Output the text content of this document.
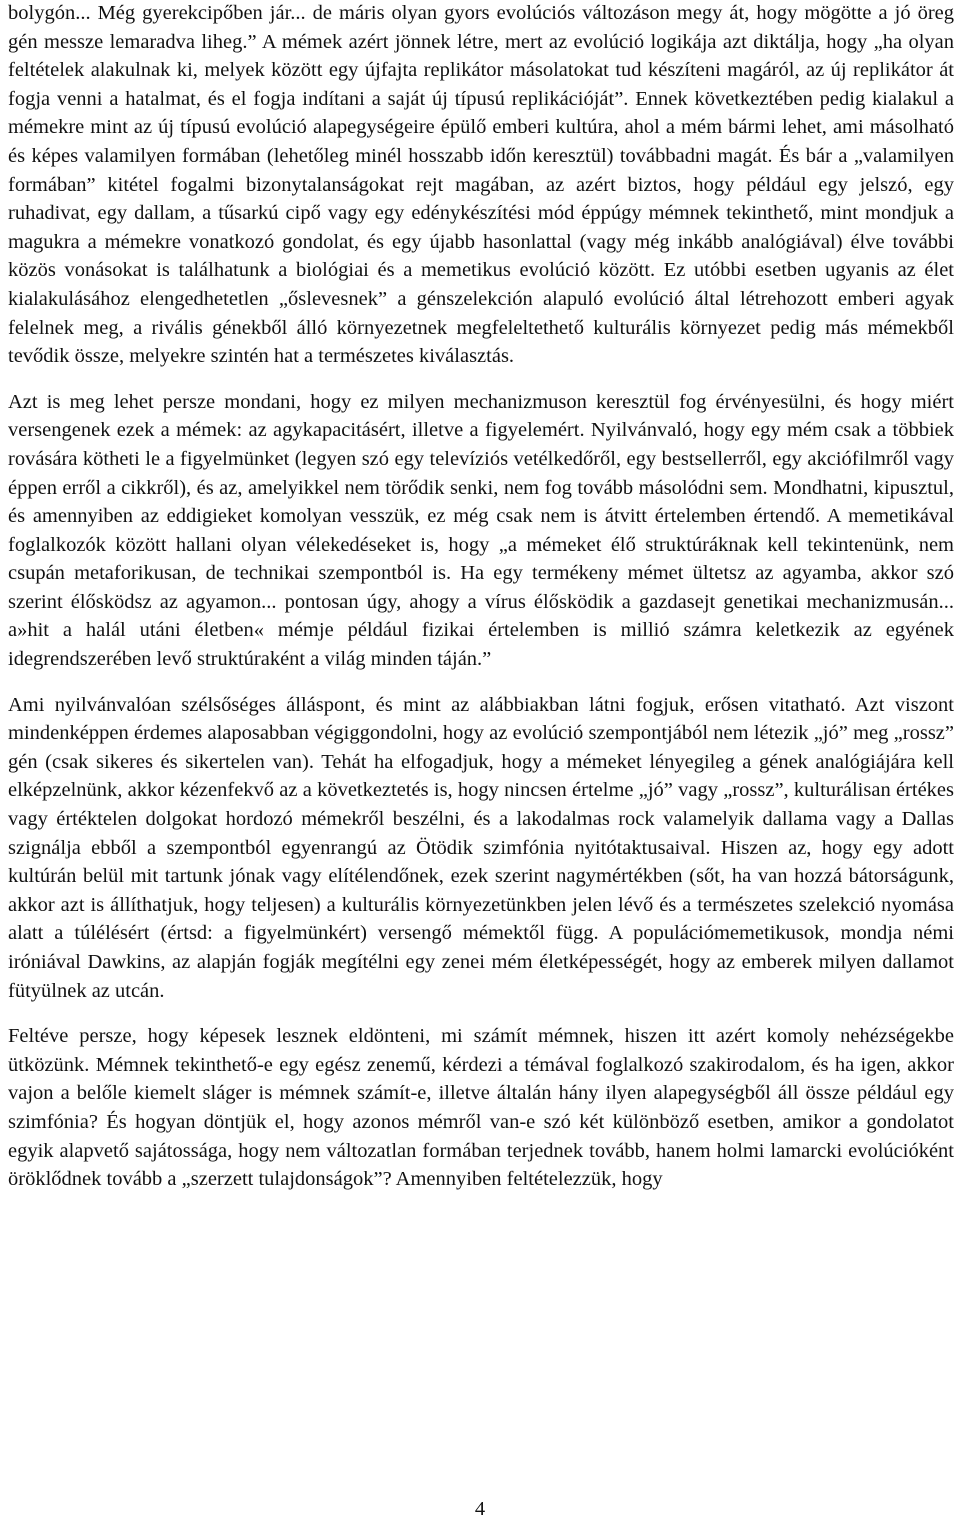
bolygón... Még gyerekcipőben jár... de máris olyan gyors evolúciós változáson megy át, hogy mögötte a jó öreg gén messze lemaradva liheg.” A mémek azért jönnek létre, mert az evolúció logikája azt diktálja, hogy „ha olyan feltételek alakulnak ki, melyek között egy újfajta replikátor másolatokat tud készíteni magáról, az új replikátor át fogja venni a hatalmat, és el fogja indítani a saját új típusú replikációját”. Ennek következtében pedig kialakul a mémekre mint az új típusú evolúció alapegységeire épülő emberi kultúra, ahol a mém bármi lehet, ami másolható és képes valamilyen formában (lehetőleg minél hosszabb időn keresztül) továbbadni magát. És bár a „valamilyen formában” kitétel fogalmi bizonytalanságokat rejt magában, az azért biztos, hogy például egy jelszó, egy ruhadivat, egy dallam, a tűsarkú cipő vagy egy edénykészítési mód éppúgy mémnek tekinthető, mint mondjuk a magukra a mémekre vonatkozó gondolat, és egy újabb hasonlattal (vagy még inkább analógiával) élve további közös vonásokat is találhatunk a biológiai és a memetikus evolúció között. Ez utóbbi esetben ugyanis az élet kialakulásához elengedhetetlen „őslevesnek” a génszelekción alapuló evolúció által létrehozott emberi agyak felelnek meg, a rivális génekből álló környezetnek megfeleltethető kulturális környezet pedig más mémekből tevődik össze, melyekre szintén hat a természetes kiválasztás.

Azt is meg lehet persze mondani, hogy ez milyen mechanizmuson keresztül fog érvényesülni, és hogy miért versengenek ezek a mémek: az agykapacitásért, illetve a figyelemért. Nyilvánvaló, hogy egy mém csak a többiek rovására kötheti le a figyelmünket (legyen szó egy televíziós vetélkedőről, egy bestsellerről, egy akciófilmről vagy éppen erről a cikkről), és az, amelyikkel nem törődik senki, nem fog tovább másolódni sem. Mondhatni, kipusztul, és amennyiben az eddigieket komolyan vesszük, ez még csak nem is átvitt értelemben értendő. A memetikával foglalkozók között hallani olyan vélekedéseket is, hogy „a mémeket élő struktúráknak kell tekintenünk, nem csupán metaforikusan, de technikai szempontból is. Ha egy termékeny mémet ültetsz az agyamba, akkor szó szerint élősködsz az agyamon... pontosan úgy, ahogy a vírus élősködik a gazdasejt genetikai mechanizmusán... a»hit a halál utáni életben« mémje például fizikai értelemben is millió számra keletkezik az egyének idegrendszerében levő struktúraként a világ minden táján.”

Ami nyilvánvalóan szélsőséges álláspont, és mint az alábbiakban látni fogjuk, erősen vitatható. Azt viszont mindenképpen érdemes alaposabban végiggondolni, hogy az evolúció szempontjából nem létezik „jó” meg „rossz” gén (csak sikeres és sikertelen van). Tehát ha elfogadjuk, hogy a mémeket lényegileg a gének analógiájára kell elképzelnünk, akkor kézenfekvő az a következtetés is, hogy nincsen értelme „jó” vagy „rossz”, kulturálisan értékes vagy értéktelen dolgokat hordozó mémekről beszélni, és a lakodalmas rock valamelyik dallama vagy a Dallas szignálja ebből a szempontból egyenrangú az Ötödik szimfónia nyitótaktusaival. Hiszen az, hogy egy adott kultúrán belül mit tartunk jónak vagy elítélendőnek, ezek szerint nagymértékben (sőt, ha van hozzá bátorságunk, akkor azt is állíthatjuk, hogy teljesen) a kulturális környezetünkben jelen lévő és a természetes szelekció nyomása alatt a túlélésért (értsd: a figyelmünkért) versengő mémektől függ. A populációmemetikusok, mondja némi iróniával Dawkins, az alapján fogják megítélni egy zenei mém életképességét, hogy az emberek milyen dallamot fütyülnek az utcán.

Feltéve persze, hogy képesek lesznek eldönteni, mi számít mémnek, hiszen itt azért komoly nehézségekbe ütközünk. Mémnek tekinthető-e egy egész zenemű, kérdezi a témával foglalkozó szakirodalom, és ha igen, akkor vajon a belőle kiemelt sláger is mémnek számít-e, illetve általán hány ilyen alapegységből áll össze például egy szimfónia? És hogyan döntjük el, hogy azonos mémről van-e szó két különböző esetben, amikor a gondolatot egyik alapvető sajátossága, hogy nem változatlan formában terjednek tovább, hanem holmi lamarcki evolúcióként öröklődnek tovább a „szerzett tulajdonságok”? Amennyiben feltételezzük, hogy

4
